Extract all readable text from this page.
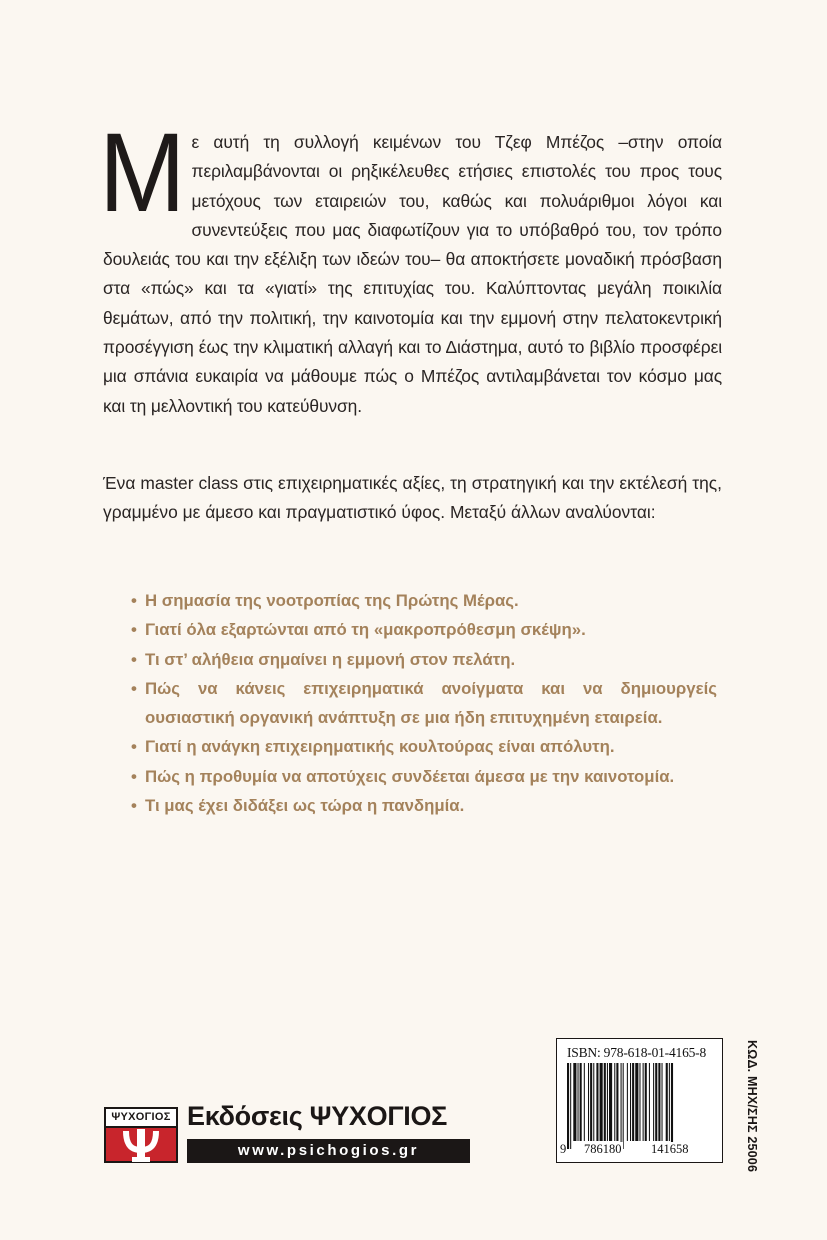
Με αυτή τη συλλογή κειμένων του Τζεφ Μπέζος –στην οποία περιλαμβάνονται οι ρηξικέλευθες ετήσιες επιστολές του προς τους μετόχους των εταιρειών του, καθώς και πολυάριθμοι λόγοι και συνεντεύξεις που μας διαφωτίζουν για το υπόβαθρό του, τον τρόπο δουλειάς του και την εξέλιξη των ιδεών του– θα αποκτήσετε μοναδική πρόσβαση στα «πώς» και τα «γιατί» της επιτυχίας του. Καλύπτοντας μεγάλη ποικιλία θεμάτων, από την πολιτική, την καινοτομία και την εμμονή στην πελατοκεντρική προσέγγιση έως την κλιματική αλλαγή και το Διάστημα, αυτό το βιβλίο προσφέρει μια σπάνια ευκαιρία να μάθουμε πώς ο Μπέζος αντιλαμβάνεται τον κόσμο μας και τη μελλοντική του κατεύθυνση.

Ένα master class στις επιχειρηματικές αξίες, τη στρατηγική και την εκτέλεσή της, γραμμένο με άμεσο και πραγματιστικό ύφος. Μεταξύ άλλων αναλύονται:

• Η σημασία της νοοτροπίας της Πρώτης Μέρας.
• Γιατί όλα εξαρτώνται από τη «μακροπρόθεσμη σκέψη».
• Τι στ’ αλήθεια σημαίνει η εμμονή στον πελάτη.
• Πώς να κάνεις επιχειρηματικά ανοίγματα και να δημιουργείς ουσιαστική οργανική ανάπτυξη σε μια ήδη επιτυχημένη εταιρεία.
• Γιατί η ανάγκη επιχειρηματικής κουλτούρας είναι απόλυτη.
• Πώς η προθυμία να αποτύχεις συνδέεται άμεσα με την καινοτομία.
• Τι μας έχει διδάξει ως τώρα η πανδημία.
ΨΥΧΟΓΙΟΣ Εκδόσεις ΨΥΧΟΓΙΟΣ
www.psichogios.gr
ISBN: 978-618-01-4165-8
9 786180 141658	ΚΩΔ. ΜΗΧ/ΣΗΣ 25006
